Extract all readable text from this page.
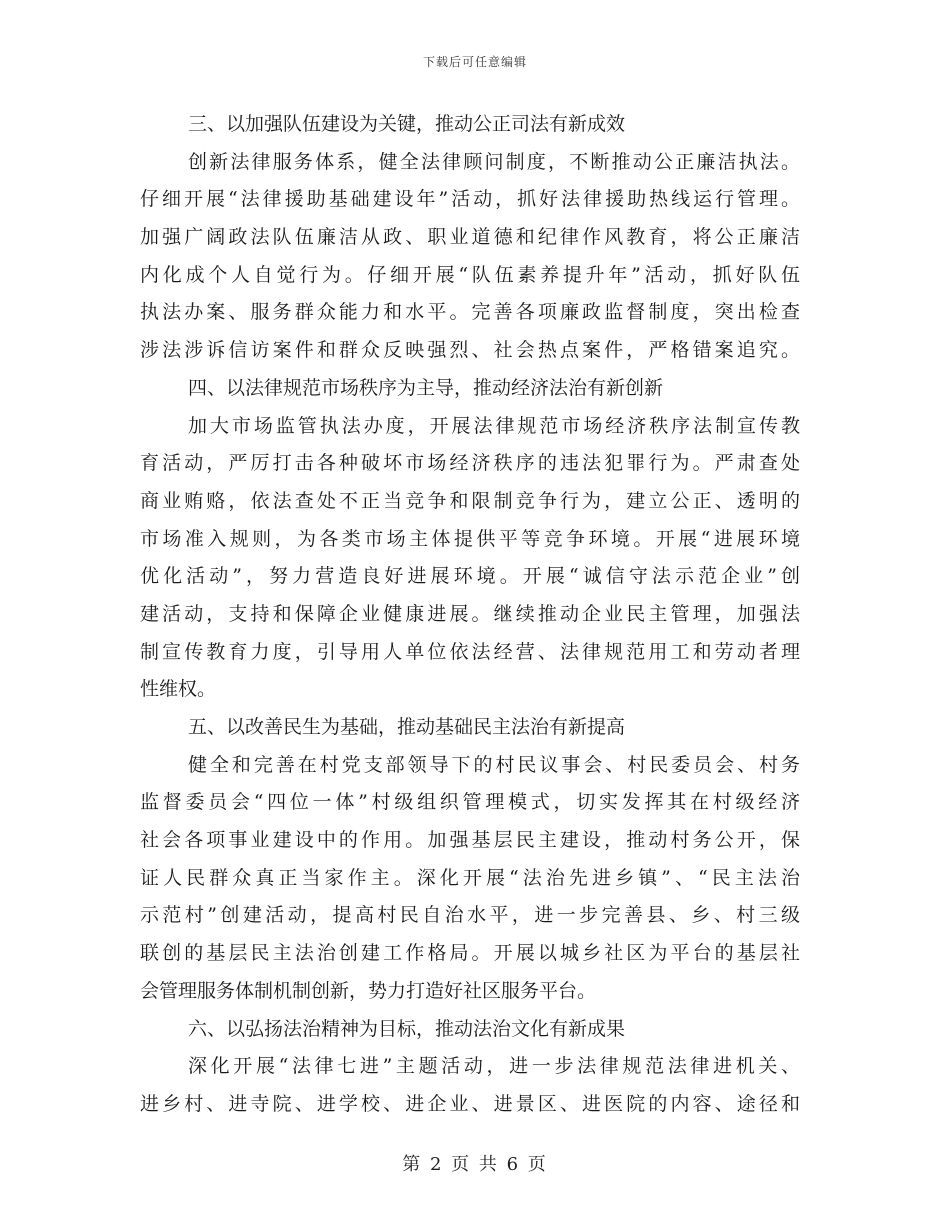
下载后可任意编辑
三、以加强队伍建设为关键，推动公正司法有新成效
创新法律服务体系，健全法律顾问制度，不断推动公正廉洁执法。
仔细开展“法律援助基础建设年”活动，抓好法律援助热线运行管理。
加强广阔政法队伍廉洁从政、职业道德和纪律作风教育，将公正廉洁
内化成个人自觉行为。仔细开展“队伍素养提升年”活动，抓好队伍
执法办案、服务群众能力和水平。完善各项廉政监督制度，突出检查
涉法涉诉信访案件和群众反映强烈、社会热点案件，严格错案追究。
四、以法律规范市场秩序为主导，推动经济法治有新创新
加大市场监管执法办度，开展法律规范市场经济秩序法制宣传教
育活动，严厉打击各种破坏市场经济秩序的违法犯罪行为。严肃查处
商业贿赂，依法查处不正当竞争和限制竞争行为，建立公正、透明的
市场准入规则，为各类市场主体提供平等竞争环境。开展“进展环境
优化活动”，努力营造良好进展环境。开展“诚信守法示范企业”创
建活动，支持和保障企业健康进展。继续推动企业民主管理，加强法
制宣传教育力度，引导用人单位依法经营、法律规范用工和劳动者理
性维权。
五、以改善民生为基础，推动基础民主法治有新提高
健全和完善在村党支部领导下的村民议事会、村民委员会、村务
监督委员会“四位一体”村级组织管理模式，切实发挥其在村级经济
社会各项事业建设中的作用。加强基层民主建设，推动村务公开，保
证人民群众真正当家作主。深化开展“法治先进乡镇”、“民主法治
示范村”创建活动，提高村民自治水平，进一步完善县、乡、村三级
联创的基层民主法治创建工作格局。开展以城乡社区为平台的基层社
会管理服务体制机制创新，势力打造好社区服务平台。
六、以弘扬法治精神为目标，推动法治文化有新成果
深化开展“法律七进”主题活动，进一步法律规范法律进机关、
进乡村、进寺院、进学校、进企业、进景区、进医院的内容、途径和
第 2 页 共 6 页
